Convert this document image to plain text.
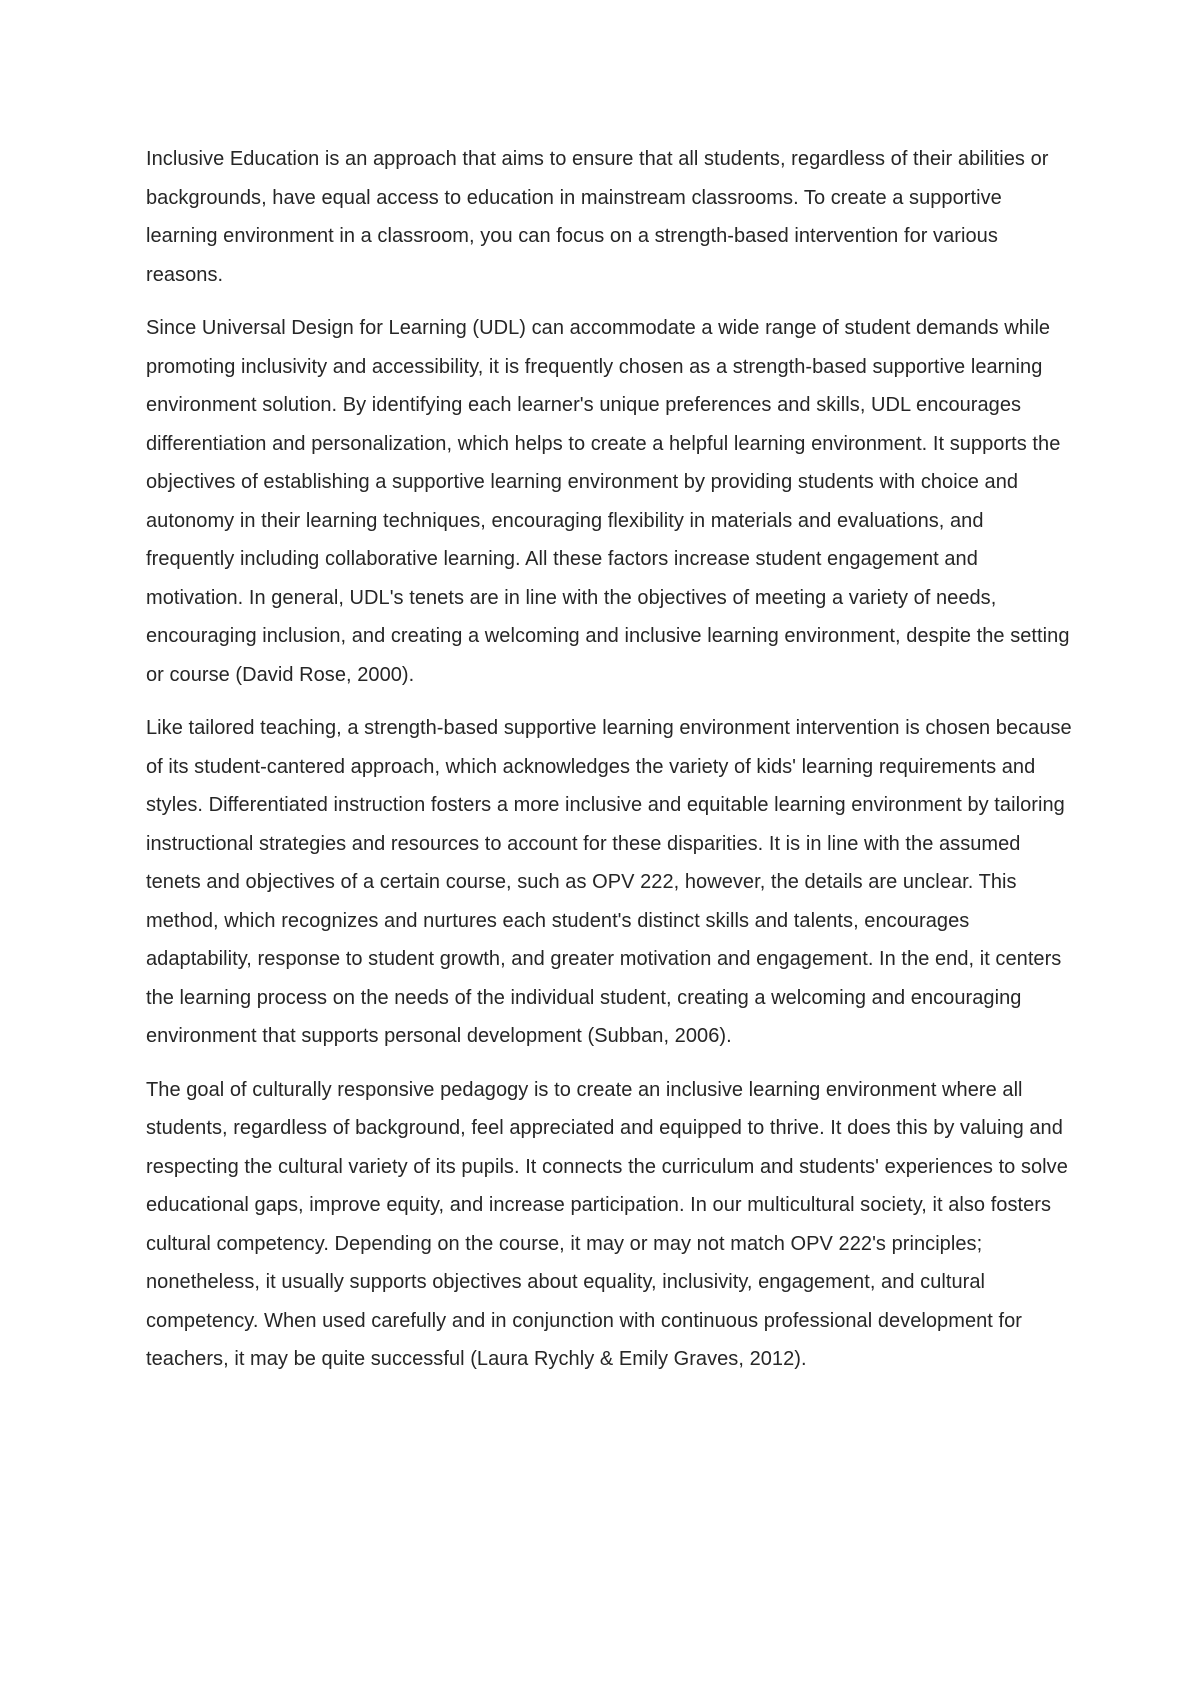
Inclusive Education is an approach that aims to ensure that all students, regardless of their abilities or backgrounds, have equal access to education in mainstream classrooms. To create a supportive learning environment in a classroom, you can focus on a strength-based intervention for various reasons.

Since Universal Design for Learning (UDL) can accommodate a wide range of student demands while promoting inclusivity and accessibility, it is frequently chosen as a strength-based supportive learning environment solution. By identifying each learner's unique preferences and skills, UDL encourages differentiation and personalization, which helps to create a helpful learning environment. It supports the objectives of establishing a supportive learning environment by providing students with choice and autonomy in their learning techniques, encouraging flexibility in materials and evaluations, and frequently including collaborative learning. All these factors increase student engagement and motivation. In general, UDL's tenets are in line with the objectives of meeting a variety of needs, encouraging inclusion, and creating a welcoming and inclusive learning environment, despite the setting or course (David Rose, 2000).

Like tailored teaching, a strength-based supportive learning environment intervention is chosen because of its student-cantered approach, which acknowledges the variety of kids' learning requirements and styles. Differentiated instruction fosters a more inclusive and equitable learning environment by tailoring instructional strategies and resources to account for these disparities. It is in line with the assumed tenets and objectives of a certain course, such as OPV 222, however, the details are unclear. This method, which recognizes and nurtures each student's distinct skills and talents, encourages adaptability, response to student growth, and greater motivation and engagement. In the end, it centers the learning process on the needs of the individual student, creating a welcoming and encouraging environment that supports personal development (Subban, 2006).

The goal of culturally responsive pedagogy is to create an inclusive learning environment where all students, regardless of background, feel appreciated and equipped to thrive. It does this by valuing and respecting the cultural variety of its pupils. It connects the curriculum and students' experiences to solve educational gaps, improve equity, and increase participation. In our multicultural society, it also fosters cultural competency. Depending on the course, it may or may not match OPV 222's principles; nonetheless, it usually supports objectives about equality, inclusivity, engagement, and cultural competency. When used carefully and in conjunction with continuous professional development for teachers, it may be quite successful (Laura Rychly & Emily Graves, 2012).
